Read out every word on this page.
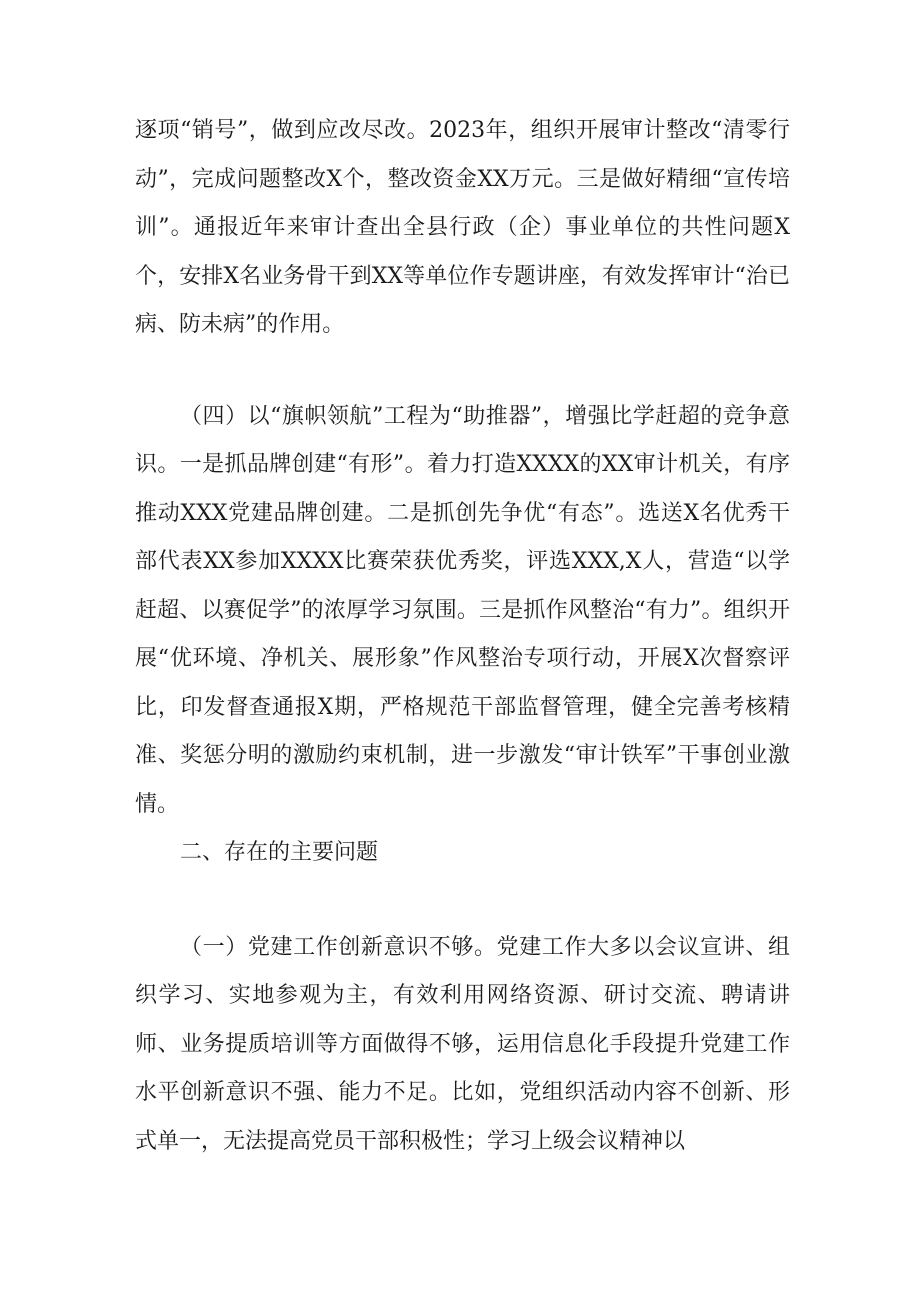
逐项“销号”，做到应改尽改。2023年，组织开展审计整改“清零行动”，完成问题整改X个，整改资金XX万元。三是做好精细“宣传培训”。通报近年来审计查出全县行政（企）事业单位的共性问题X个，安排X名业务骨干到XX等单位作专题讲座，有效发挥审计“治已病、防未病”的作用。

（四）以“旗帜领航”工程为“助推器”，增强比学赶超的竞争意识。一是抓品牌创建“有形”。着力打造XXXX的XX审计机关，有序推动XXX党建品牌创建。二是抓创先争优“有态”。选送X名优秀干部代表XX参加XXXX比赛荣获优秀奖，评选XXX,X人，营造“以学赶超、以赛促学”的浓厚学习氛围。三是抓作风整治“有力”。组织开展“优环境、净机关、展形象”作风整治专项行动，开展X次督察评比，印发督查通报X期，严格规范干部监督管理，健全完善考核精准、奖惩分明的激励约束机制，进一步激发“审计铁军”干事创业激情。

二、存在的主要问题

（一）党建工作创新意识不够。党建工作大多以会议宣讲、组织学习、实地参观为主，有效利用网络资源、研讨交流、聘请讲师、业务提质培训等方面做得不够，运用信息化手段提升党建工作水平创新意识不强、能力不足。比如，党组织活动内容不创新、形式单一，无法提高党员干部积极性；学习上级会议精神以
